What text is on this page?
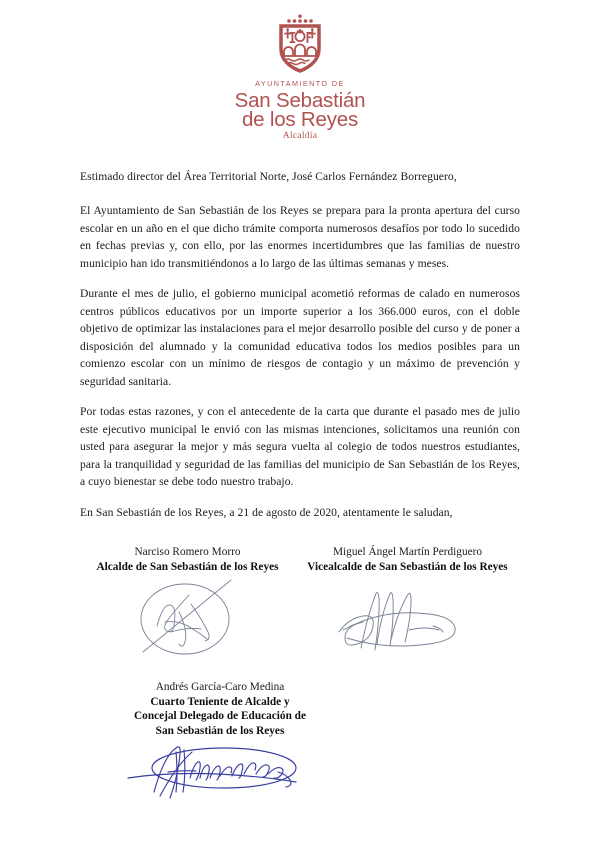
AYUNTAMIENTO DE
San Sebastián
de los Reyes
Alcaldía

Estimado director del Área Territorial Norte, José Carlos Fernández Borreguero,

El Ayuntamiento de San Sebastián de los Reyes se prepara para la pronta apertura del curso escolar en un año en el que dicho trámite comporta numerosos desafíos por todo lo sucedido en fechas previas y, con ello, por las enormes incertidumbres que las familias de nuestro municipio han ido transmitiéndonos a lo largo de las últimas semanas y meses.

Durante el mes de julio, el gobierno municipal acometió reformas de calado en numerosos centros públicos educativos por un importe superior a los 366.000 euros, con el doble objetivo de optimizar las instalaciones para el mejor desarrollo posible del curso y de poner a disposición del alumnado y la comunidad educativa todos los medios posibles para un comienzo escolar con un mínimo de riesgos de contagio y un máximo de prevención y seguridad sanitaria.

Por todas estas razones, y con el antecedente de la carta que durante el pasado mes de julio este ejecutivo municipal le envió con las mismas intenciones, solicitamos una reunión con usted para asegurar la mejor y más segura vuelta al colegio de todos nuestros estudiantes, para la tranquilidad y seguridad de las familias del municipio de San Sebastián de los Reyes, a cuyo bienestar se debe todo nuestro trabajo.

En San Sebastián de los Reyes, a 21 de agosto de 2020, atentamente le saludan,

Narciso Romero Morro
Alcalde de San Sebastián de los Reyes
Miguel Ángel Martín Perdiguero
Vicealcalde de San Sebastián de los Reyes
Andrés García-Caro Medina
Cuarto Teniente de Alcalde y
Concejal Delegado de Educación de
San Sebastián de los Reyes
